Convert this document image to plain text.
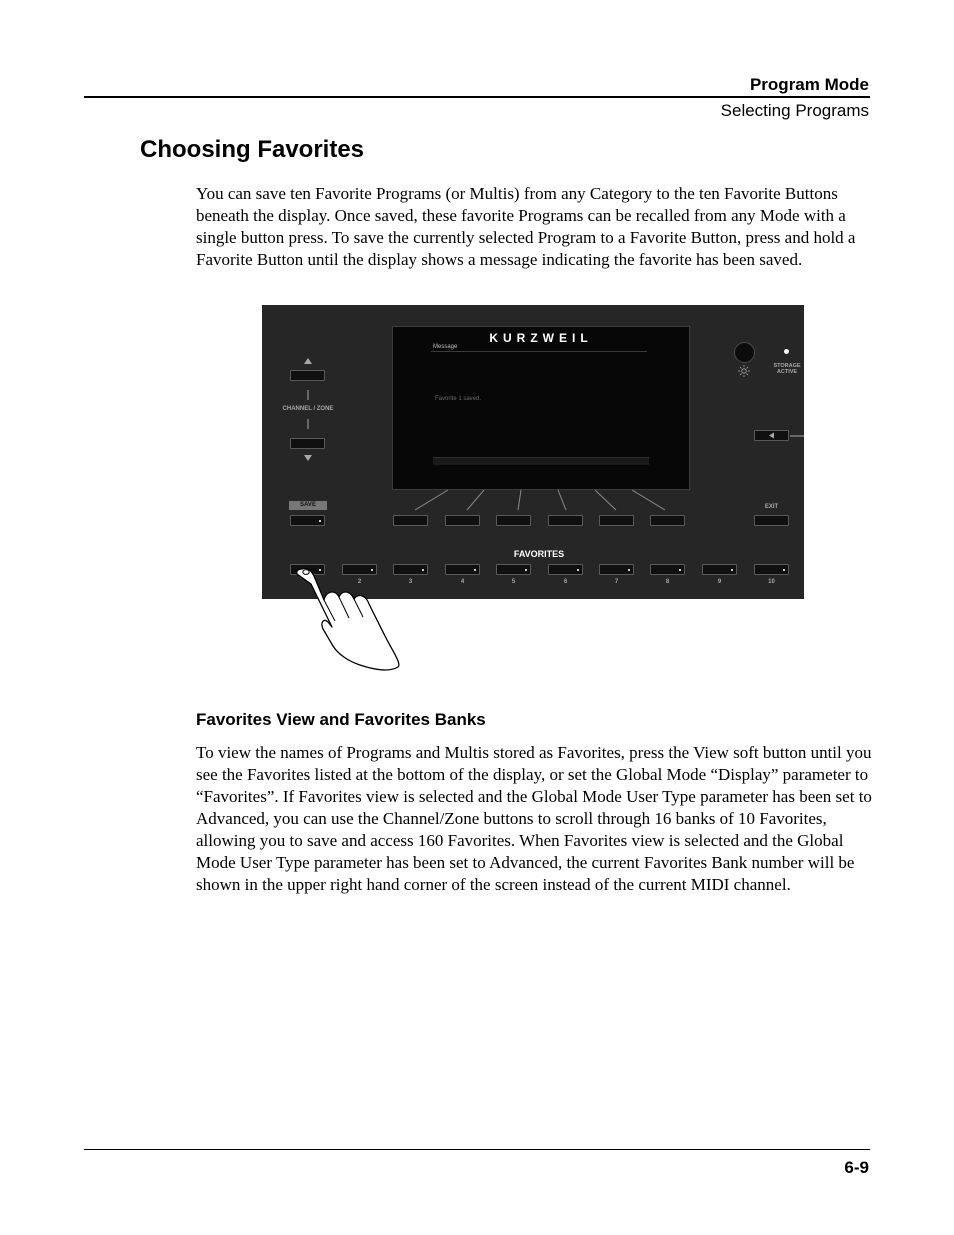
Program Mode
Selecting Programs
Choosing Favorites

You can save ten Favorite Programs (or Multis) from any Category to the ten Favorite Buttons beneath the display. Once saved, these favorite Programs can be recalled from any Mode with a single button press. To save the currently selected Program to a Favorite Button, press and hold a Favorite Button until the display shows a message indicating the favorite has been saved.

KURZWEIL
Message
Favorite 1 saved.
CHANNEL / ZONE
SAVE
STORAGE
ACTIVE
EXIT
FAVORITES
2	3	4	5	6	7	8	9	10
Favorites View and Favorites Banks

To view the names of Programs and Multis stored as Favorites, press the View soft button until you see the Favorites listed at the bottom of the display, or set the Global Mode “Display” parameter to “Favorites”. If Favorites view is selected and the Global Mode User Type parameter has been set to Advanced, you can use the Channel/Zone buttons to scroll through 16 banks of 10 Favorites, allowing you to save and access 160 Favorites. When Favorites view is selected and the Global Mode User Type parameter has been set to Advanced, the current Favorites Bank number will be shown in the upper right hand corner of the screen instead of the current MIDI channel.

6-9
